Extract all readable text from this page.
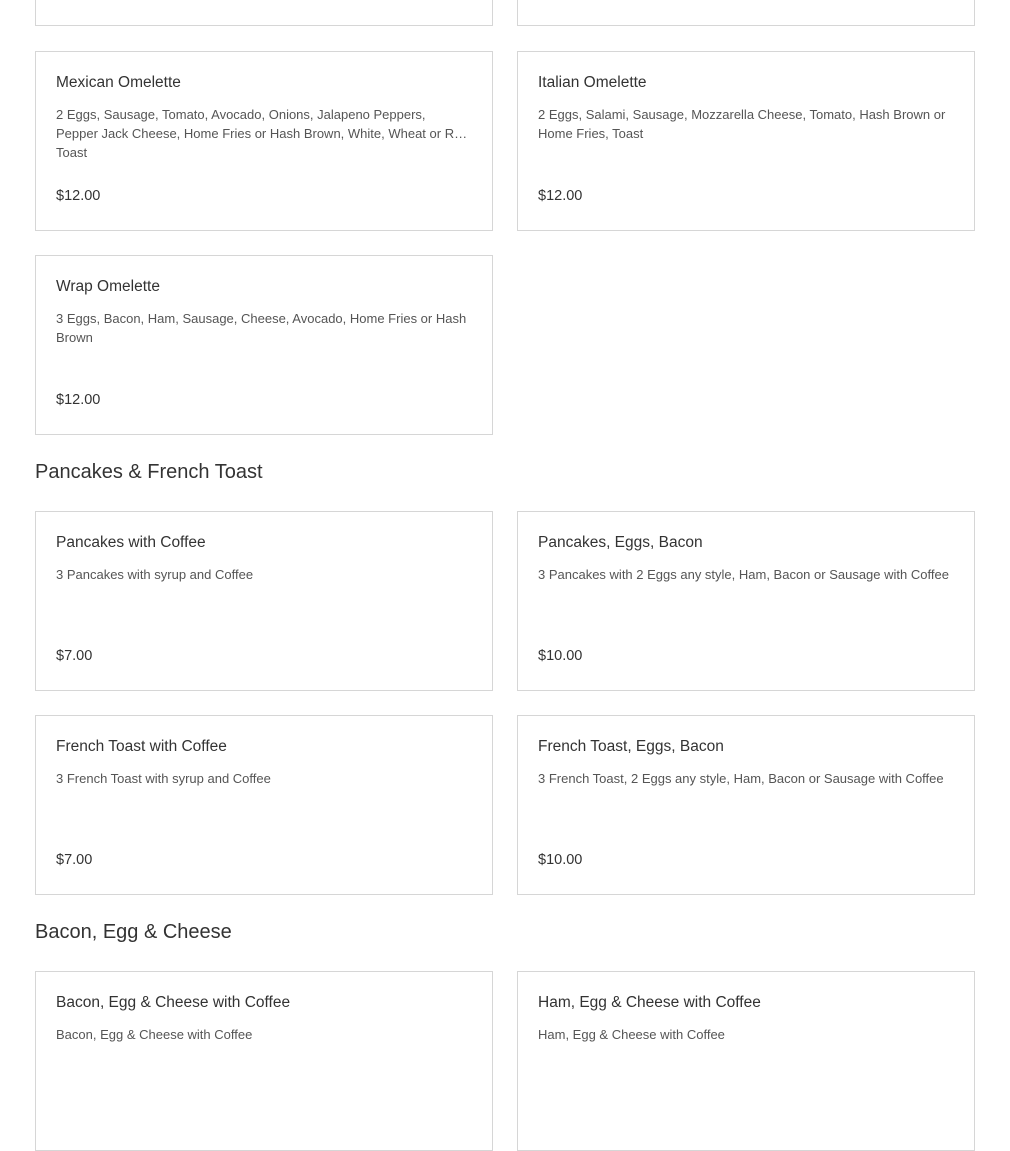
Mexican Omelette
2 Eggs, Sausage, Tomato, Avocado, Onions, Jalapeno Peppers, Pepper Jack Cheese, Home Fries or Hash Brown, White, Wheat or Rye Toast
$12.00
Italian Omelette
2 Eggs, Salami, Sausage, Mozzarella Cheese, Tomato, Hash Brown or Home Fries, Toast
$12.00
Wrap Omelette
3 Eggs, Bacon, Ham, Sausage, Cheese, Avocado, Home Fries or Hash Brown
$12.00
Pancakes & French Toast
Pancakes with Coffee
3 Pancakes with syrup and Coffee
$7.00
Pancakes, Eggs, Bacon
3 Pancakes with 2 Eggs any style, Ham, Bacon or Sausage with Coffee
$10.00
French Toast with Coffee
3 French Toast with syrup and Coffee
$7.00
French Toast, Eggs, Bacon
3 French Toast, 2 Eggs any style, Ham, Bacon or Sausage with Coffee
$10.00
Bacon, Egg & Cheese
Bacon, Egg & Cheese with Coffee
Bacon, Egg & Cheese with Coffee
Ham, Egg & Cheese with Coffee
Ham, Egg & Cheese with Coffee
